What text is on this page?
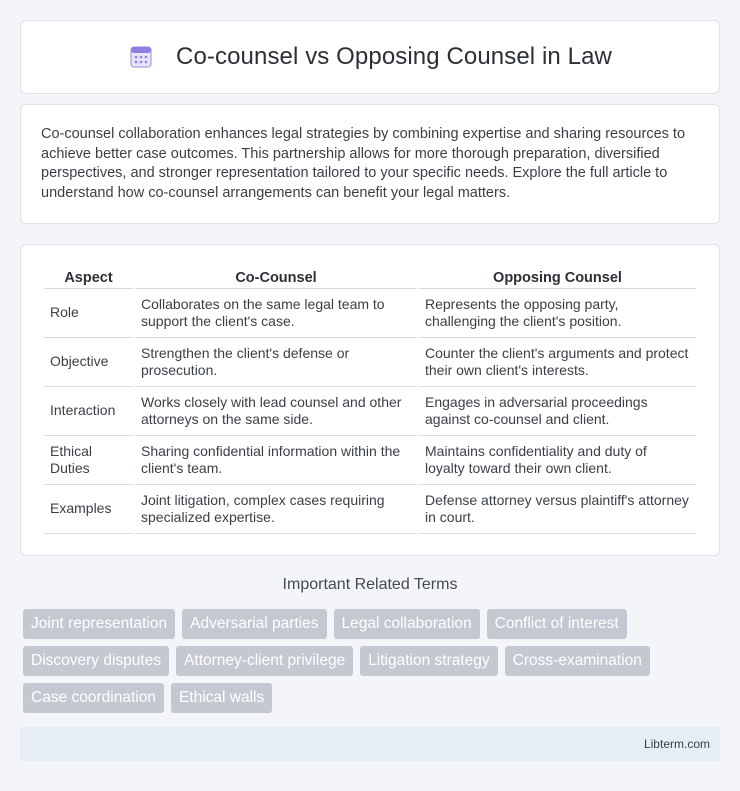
Co-counsel vs Opposing Counsel in Law

Co-counsel collaboration enhances legal strategies by combining expertise and sharing resources to achieve better case outcomes. This partnership allows for more thorough preparation, diversified perspectives, and stronger representation tailored to your specific needs. Explore the full article to understand how co-counsel arrangements can benefit your legal matters.

Aspect	Co-Counsel	Opposing Counsel
Role	Collaborates on the same legal team to support the client's case.	Represents the opposing party, challenging the client's position.
Objective	Strengthen the client's defense or prosecution.	Counter the client's arguments and protect their own client's interests.
Interaction	Works closely with lead counsel and other attorneys on the same side.	Engages in adversarial proceedings against co-counsel and client.
Ethical Duties	Sharing confidential information within the client's team.	Maintains confidentiality and duty of loyalty toward their own client.
Examples	Joint litigation, complex cases requiring specialized expertise.	Defense attorney versus plaintiff's attorney in court.
Important Related Terms
Joint representation	Adversarial parties	Legal collaboration	Conflict of interest
Discovery disputes	Attorney-client privilege	Litigation strategy	Cross-examination
Case coordination	Ethical walls
Libterm.com
